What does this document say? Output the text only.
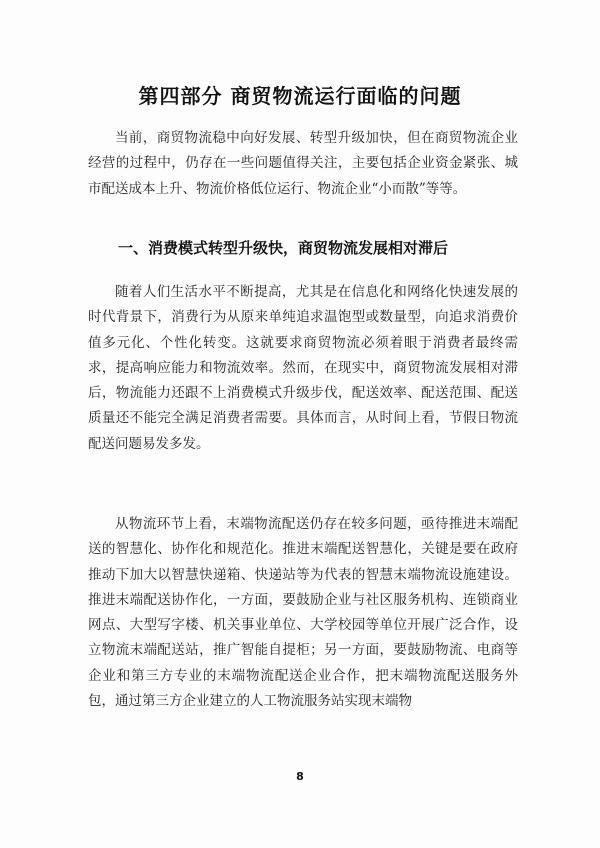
第四部分 商贸物流运行面临的问题

当前，商贸物流稳中向好发展、转型升级加快，但在商贸物流企业经营的过程中，仍存在一些问题值得关注，主要包括企业资金紧张、城市配送成本上升、物流价格低位运行、物流企业“小而散”等等。

一、消费模式转型升级快，商贸物流发展相对滞后

随着人们生活水平不断提高，尤其是在信息化和网络化快速发展的时代背景下，消费行为从原来单纯追求温饱型或数量型，向追求消费价值多元化、个性化转变。这就要求商贸物流必须着眼于消费者最终需求，提高响应能力和物流效率。然而，在现实中，商贸物流发展相对滞后，物流能力还跟不上消费模式升级步伐，配送效率、配送范围、配送质量还不能完全满足消费者需要。具体而言，从时间上看，节假日物流配送问题易发多发。

从物流环节上看，末端物流配送仍存在较多问题，亟待推进末端配送的智慧化、协作化和规范化。推进末端配送智慧化，关键是要在政府推动下加大以智慧快递箱、快递站等为代表的智慧末端物流设施建设。推进末端配送协作化，一方面，要鼓励企业与社区服务机构、连锁商业网点、大型写字楼、机关事业单位、大学校园等单位开展广泛合作，设立物流末端配送站，推广智能自提柜；另一方面，要鼓励物流、电商等企业和第三方专业的末端物流配送企业合作，把末端物流配送服务外包，通过第三方企业建立的人工物流服务站实现末端物

8
